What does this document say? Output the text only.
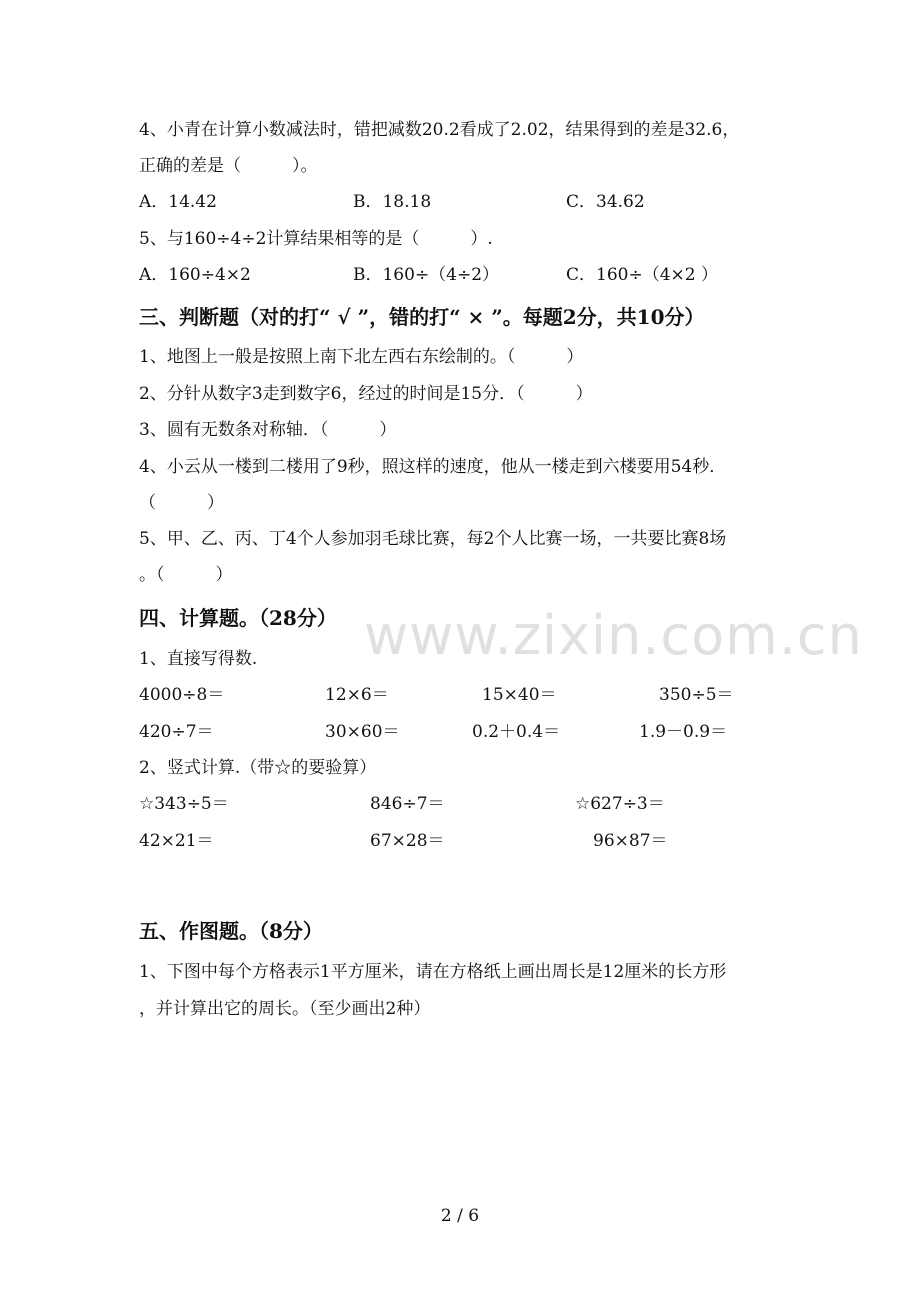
www.zixin.com.cn
4、小青在计算小数减法时，错把减数20.2看成了2.02，结果得到的差是32.6，
正确的差是（　　　）。
A．14.42	B．18.18	C．34.62
5、与160÷4÷2计算结果相等的是（　　　）.
A．160÷4×2	B．160÷（4÷2）	C．160÷（4×2 ）
三、判断题（对的打“ √ ”，错的打“ × ”。每题2分，共10分）
1、地图上一般是按照上南下北左西右东绘制的。（　　　）
2、分针从数字3走到数字6，经过的时间是15分．（　　　）
3、圆有无数条对称轴．（　　　）
4、小云从一楼到二楼用了9秒，照这样的速度，他从一楼走到六楼要用54秒．
（　　　）
5、甲、乙、丙、丁4个人参加羽毛球比赛，每2个人比赛一场，一共要比赛8场
。（　　　）
四、计算题。（28分）
1、直接写得数.
4000÷8＝	12×6＝	15×40＝	350÷5＝
420÷7＝	30×60＝	0.2＋0.4＝	1.9－0.9＝
2、竖式计算.（带☆的要验算）
☆343÷5＝	846÷7＝	☆627÷3＝
42×21＝	67×28＝	96×87＝
五、作图题。（8分）
1、下图中每个方格表示1平方厘米，请在方格纸上画出周长是12厘米的长方形
，并计算出它的周长。（至少画出2种）
2 / 6
